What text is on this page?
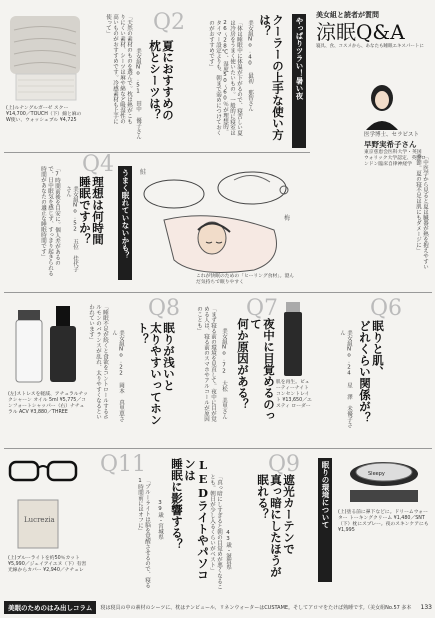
美女組と読者が質問
涼眠Q&A
寝具、食、コスメから、あなたも睡眠エキスパートに
医学博士、セラピスト
早野実希子さん
東京慈恵会医科大学・英国ウォリック大学認定、英国ロンドン臨床自律神経学
やっぱりツラい！暑い夜
クーラーの上手な使い方は？
美女組No.40 最初 那智さん
「体は睡眠中に体温が下がるので、寝苦しい夏は冷房をうまく使いたいもの。一般的に寝室は26〜28℃、湿度50〜60％が理想的。タイマー設定よりも、朝まで弱めにつけておくのがおすすめです」
Q2
夏におすすめの
枕とシーツは？
美女組No.51 田中 優子さん
「天然の素材のものを選んで。枕は熱がこもりにくい素材、シーツは麻や綿など吸湿性の高いものがおすすめです。冷感素材も上手に使って」
(上)ルナングルガーゼ スクー ¥14,700／TOUCH（下）綿と麻のW使い、ウォッシュブル ¥4,725
Q4
うまく眠れていないかも？
理想は何時間
睡眠ですか？
美女組No.52 五位 佳代子さん
「7時間前後を目安に。個人差があるので、日中眠気を感じず、すっきり起きられる時間があなたの適正な睡眠時間です」	鮭
梅
これが快眠のための「ヒーリング食材」。澄んだ気持ちで眠りやすく
「中医学から見ると夏は臓器が熱を抱えやすい季節。夏の寝不足は肌にもダメージに」
(左)ストレスを軽減、アチュラルチックシャーン オイル 5ml ¥5,775／コンフォートシャッパー（右）ナチュラル ACV ¥3,880／THREE
Q8
眠りが浅いと
太りやすいってホント？
美女組No.22 岡本 真里恵さん
「睡眠不足が続くと食欲をコントロールするホルモンのバランスが乱れ、太りやすくなるといわれています」	Q7
夜中に目覚めるのって
何か原因がある？
美女組No.72 大松 美里さん
「まず寝る前の環境を見直して。夜中に目が覚める人は、寝る前のスマホやアルコールが原因のことも」
肌を再生。ビューティーナイト コンセントレイト ¥13,650／エスティ ローダー
Q6
眠りと肌、
どれくらい関係が？
美女組No.24 星 澤 未優子さん
Lucrezia
(上)ブルーライトを約50％カット ¥5,990／ジェイアイエヌ（下）有害光線からカバー ¥2,940／ナチュレ
Q11	LEDライトやパソコンは
睡眠に影響する？
39歳・宮城県
「ブルーライトは脳を覚醒させるので、寝る1時間前にはオフに」
Q9
遮光カーテンで
真っ暗にしたほうが
眠れる？
43歳・滋賀県
「真っ暗にしすぎると朝の目覚めが悪くなることも。朝日が少し入るくらいがベスト」	眠りの環境について	Sleepy
(上)塗る前に鼻下などに。ドリームウォーター トーキングクリーム ¥1,480／SNT（下）枕にスプレー。夜のスキンケアにも ¥1,995
美眠のためのはみ出しコラム	寝は寝具の中の素材のシーツに、枕はテンピュール、リネンウォーターはCUSTAME。そしてアロマをたけば熟睡です。（美女組No.57 多本	133
